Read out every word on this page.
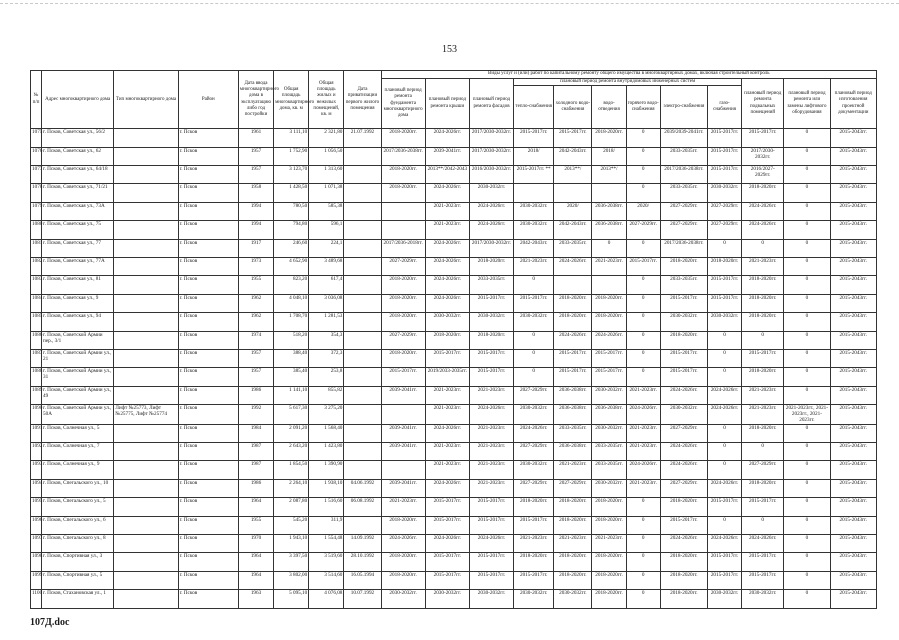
153
№ п/п	Адрес многоквартирного дома	Тип многоквартирного дома	Район	Дата ввода многоквартирного дома в эксплуатацию либо год постройки	Общая площадь многоквартирного дома, кв. м	Общая площадь жилых и нежилых помещений, кв. м	Дата приватизации первого жилого помещения	Виды услуг и (или) работ по капитальному ремонту общего имущества в многоквартирных домах, включая строительный контроль											
								плановый период ремонта фундамента многоквартирного дома	плановый период ремонта крыши	плановый период ремонта фасадов	плановый период ремонта внутридомовых инженерных систем						плановый период ремонта подвальных помещений	плановый период ремонта или замены лифтового оборудования	плановый период изготовления проектной документации
											тепло-снабжения	холодного водо-снабжения	водо-отведения	горячего водо-снабжения	электро-снабжения	газо-снабжения			
1075	г. Псков, Советская ул., 56/2		г. Псков	1961	3 111,10	2 321,80	21.07.1992	2018-2020гг.	2024-2026гг.	2017/2030-2032гг.	2015-2017гг.	2015-2017гг.	2018-2020гг.	0	2039/2039-2041гг.	2015-2017гг.	2015-2017гг.	0	2015-2043гг.
1076	г. Псков, Советская ул., 62		г. Псков	1957	1 752,90	1 056,50		2017/2036-2038гг.	2039-2041гг.	2017/2030-2032гг.	2018/	2042-2043гг.	2018/	0	2033-2035гг.	2015-2017гг.	2017/2030-2032гг.	0	2015-2043гг.
1077	г. Псков, Советская ул., 64/18		г. Псков	1957	3 123,70	1 313,60		2018-2020гг.	2013**/2042-2043	2016/2030-2032гг.	2015-2017гг. **	2013**/	2013**/	0	2017/2036-2038гг.	2015-2017гг.	2016/2027-2029гг.	0	2015-2043гг.
1078	г. Псков, Советская ул., 71/21		г. Псков	1958	1 428,50	1 071,38		2018-2020гг.	2024-2026гг.	2030-2032гг.				0	2033-2035гг.	2030-2032гг.	2018-2020гг.	0	2015-2043гг.
1079	г. Псков, Советская ул., 73А		г. Псков	1994	780,50	585,38			2021-2023гг.	2024-2026гг.	2030-2032гг.	2020/	2036-2038гг.	2020/	2027-2029гг.	2027-2029гг.	2024-2026гг.	0	2015-2043гг.
1080	г. Псков, Советская ул., 75		г. Псков	1994	794,80	596,1			2021-2023гг.	2024-2026гг.	2030-2032гг.	2042-2043гг.	2036-2038гг.	2027-2029гг.	2027-2029гг.	2027-2029гг.	2024-2026гг.	0	2015-2043гг.
1081	г. Псков, Советская ул., 77		г. Псков	1917	246,60	224,1		2017/2036-2018гг.	2024-2026гг.	2017/2030-2032гг.	2042-2043гг.	2033-2035гг.	0	0	2017/2036-2038гг.	0	0	0	2015-2043гг.
1082	г. Псков, Советская ул., 77А		г. Псков	1973	4 652,90	3 489,68		2027-2029гг.	2024-2026гг.	2018-2020гг.	2021-2023гг.	2024-2026гг.	2021-2023гг.	2015-2017гг.	2018-2020гг.	2018-2020гг.	2021-2023гг.	0	2015-2043гг.
1083	г. Псков, Советская ул., 81		г. Псков	1955	823,20	617,4		2018-2020гг.	2024-2026гг.	2033-2035гг.	0			0	2033-2035гг.	2015-2017гг.	2018-2020гг.	0	2015-2043гг.
1084	г. Псков, Советская ул., 9		г. Псков	1962	4 048,10	3 036,08		2018-2020гг.	2024-2026гг.	2015-2017гг.	2015-2017гг.	2018-2020гг.	2018-2020гг.	0	2015-2017гг.	2015-2017гг.	2018-2020гг.	0	2015-2043гг.
1085	г. Псков, Советская ул., 94		г. Псков	1962	1 708,70	1 281,53		2018-2020гг.	2030-2032гг.	2030-2032гг.	2030-2032гг.	2018-2020гг.	2018-2020гг.	0	2030-2032гг.	2030-2032гг.	2018-2020гг.	0	2015-2043гг.
1086	г. Псков, Советской Армии пер., 3/1		г. Псков	1974	518,20	354,3		2027-2029гг.	2018-2020гг.	2018-2020гг.	0	2024-2026гг.	2024-2026гг.	0	2018-2020гг.	0	0	0	2015-2043гг.
1087	г. Псков, Советской Армии ул., 21		г. Псков	1957	388,40	372,3		2018-2020гг.	2015-2017гг.	2015-2017гг.	0	2015-2017гг.	2015-2017гг.	0	2015-2017гг.	0	2015-2017гг.	0	2015-2043гг.
1088	г. Псков, Советской Армии ул., 31		г. Псков	1957	385,40	253,8		2015-2017гг.	2019/2033-2035гг.	2015-2017гг.	0	2015-2017гг.	2015-2017гг.	0	2015-2017гг.	0	2018-2020гг.	0	2015-2043гг.
1089	г. Псков, Советской Армии ул., 49		г. Псков	1986	1 141,10	855,82		2039-2041гг.	2021-2023гг.	2021-2023гг.	2027-2029гг.	2036-2038гг.	2030-2032гг.	2021-2023гг.	2024-2026гг.	2024-2026гг.	2021-2023гг.	0	2015-2043гг.
1090	г. Псков, Советской Армии ул., 50А	Лифт №25773, Лифт №25775, Лифт №25774	г. Псков	1992	5 617,30	3 275,20			2021-2023гг.	2024-2026гг.	2030-2032гг.	2036-2038гг.	2036-2038гг.	2024-2026гг.	2030-2032гг.	2024-2026гг.	2021-2023гг.	2021-2023гг., 2021-2023гг., 2021-2023гг.	2015-2043гг.
1091	г. Псков, Солнечная ул., 5		г. Псков	1984	2 091,20	1 568,40		2039-2041гг.	2024-2026гг.	2021-2023гг.	2024-2026гг.	2033-2035гг.	2030-2032гг.	2021-2023гг.	2027-2029гг.	0	2018-2020гг.	0	2015-2043гг.
1092	г. Псков, Солнечная ул., 7		г. Псков	1987	2 643,20	1 423,80		2039-2041гг.	2021-2023гг.	2021-2023гг.	2027-2029гг.	2036-2038гг.	2033-2035гг.	2021-2023гг.	2024-2026гг.	0	0	0	2015-2043гг.
1093	г. Псков, Солнечная ул., 9		г. Псков	1987	1 854,50	1 390,90			2021-2023гг.	2021-2023гг.	2030-2032гг.	2021-2023гг.	2033-2035гг.	2024-2026гг.	2024-2026гг.	0	2027-2029гг.	0	2015-2043гг.
1094	г. Псков, Спегальского ул., 10		г. Псков	1986	2 264,10	1 938,10	04.06.1992	2039-2041гг.	2024-2026гг.	2021-2023гг.	2027-2029гг.	2027-2029гг.	2030-2032гг.	2021-2023гг.	2027-2029гг.	2024-2026гг.	2018-2020гг.	0	2015-2043гг.
1095	г. Псков, Спегальского ул., 5		г. Псков	1964	2 087,80	1 516,60	06.08.1992	2021-2023гг.	2015-2017гг.	2015-2017гг.	2018-2020гг.	2018-2020гг.	2018-2020гг.	0	2018-2020гг.	2015-2017гг.	2015-2017гг.	0	2015-2043гг.
1096	г. Псков, Спегальского ул., 6		г. Псков	1955	545,20	311,9		2018-2020гг.	2015-2017гг.	2015-2017гг.	2015-2017гг.	2018-2020гг.	2018-2020гг.	0	2015-2017гг.	0	0	0	2015-2043гг.
1097	г. Псков, Спегальского ул., 8		г. Псков	1970	1 943,10	1 554,48	14.09.1992	2024-2026гг.	2024-2026гг.	2024-2026гг.	2021-2023гг.	2021-2023гг.	2021-2023гг.	0	2024-2026гг.	2024-2026гг.	2024-2026гг.	0	2015-2043гг.
1098	г. Псков, Спортивная ул., 3		г. Псков	1964	3 397,50	3 519,60	28.10.1992	2018-2020гг.	2015-2017гг.	2015-2017гг.	2018-2020гг.	2018-2020гг.	2018-2020гг.	0	2018-2020гг.	2015-2017гг.	2015-2017гг.	0	2015-2043гг.
1099	г. Псков, Спортивная ул., 5		г. Псков	1964	3 802,00	3 514,60	16.05.1994	2018-2020гг.	2015-2017гг.	2015-2017гг.	2015-2017гг.	2018-2020гг.	2018-2020гг.	0	2018-2020гг.	2015-2017гг.	2015-2017гг.	0	2015-2043гг.
1100	г. Псков, Стахановская ул., 1		г. Псков	1963	5 095,10	4 076,08	10.07.1992	2030-2032гг.	2030-2032гг.	2030-2032гг.	2030-2032гг.	2030-2032гг.	2018-2020гг.	0	2018-2020гг.	2030-2032гг.	2030-2032гг.	0	2015-2043гг.
107Д.doc
